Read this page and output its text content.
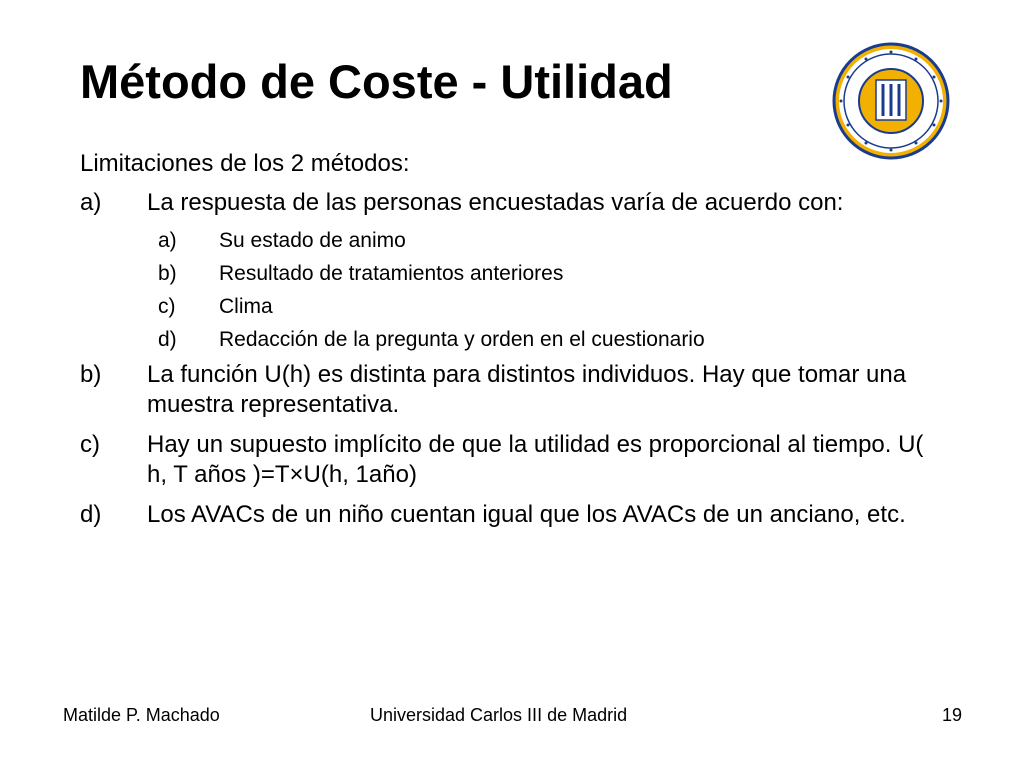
Método de Coste - Utilidad

Limitaciones de los 2 métodos:

a)	La respuesta de las personas encuestadas varía de acuerdo con:
a)	Su estado de animo
b)	Resultado de tratamientos anteriores
c)	Clima
d)	Redacción de la pregunta y orden en el cuestionario
b)	La función U(h) es distinta para distintos individuos. Hay que tomar una muestra representativa.
c)	Hay un supuesto implícito de que la utilidad es proporcional al tiempo. U( h, T años )=T×U(h, 1año)
d)	Los AVACs de un niño cuentan igual que los AVACs de un anciano, etc.
Matilde P. Machado	Universidad Carlos III de Madrid	19
